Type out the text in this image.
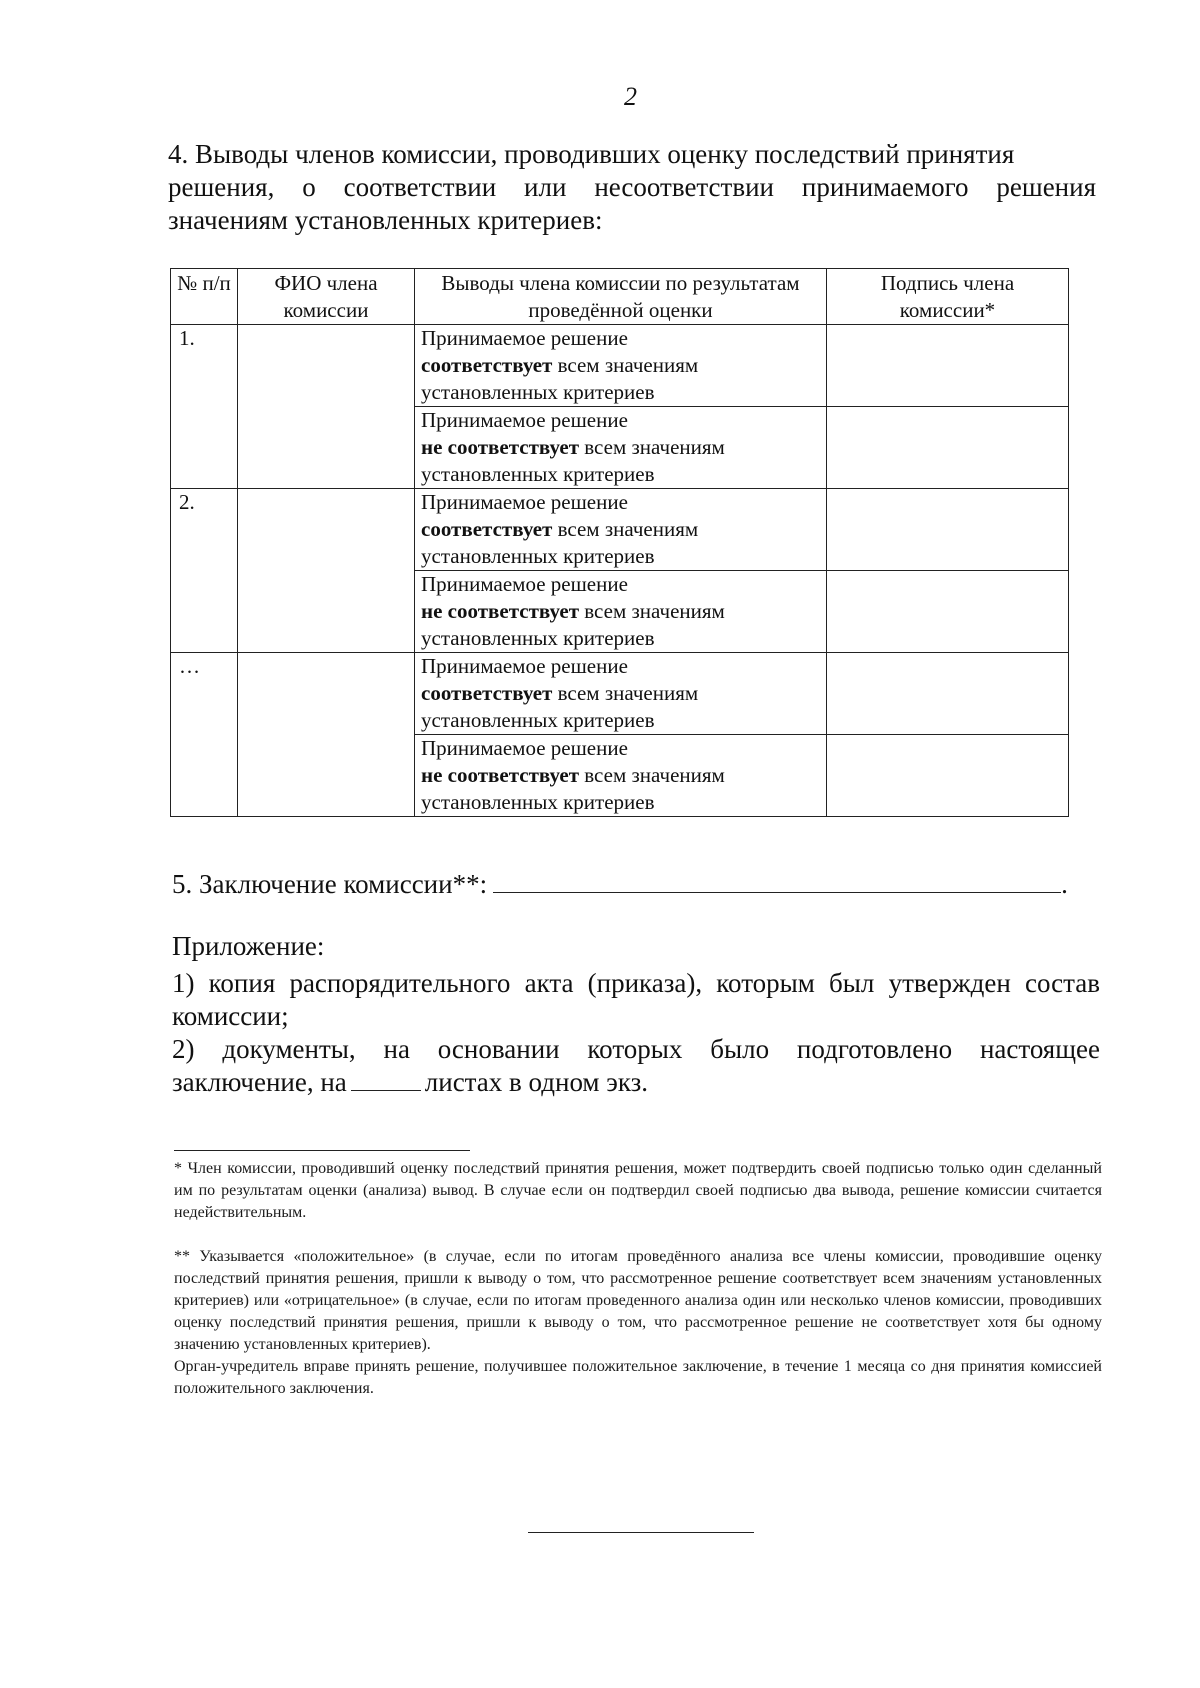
2
4. Выводы членов комиссии, проводивших оценку последствий принятия
решения, о соответствии или несоответствии принимаемого решения
значениям установленных критериев:
№ п/п	ФИО члена комиссии	Выводы члена комиссии по результатам проведённой оценки	Подпись члена комиссии*
1.		Принимаемое решение
соответствует всем значениям установленных критериев	
		Принимаемое решение
не соответствует всем значениям установленных критериев	
2.		Принимаемое решение
соответствует всем значениям установленных критериев	
		Принимаемое решение
не соответствует всем значениям установленных критериев	
…		Принимаемое решение
соответствует всем значениям установленных критериев	
		Принимаемое решение
не соответствует всем значениям установленных критериев	
5. Заключение комиссии**:	.
Приложение:
1) копия распорядительного акта (приказа), которым был утвержден состав
комиссии;
2) документы, на основании которых было подготовлено настоящее
заключение, на	листах в одном экз.

* Член комиссии, проводивший оценку последствий принятия решения, может подтвердить своей подписью только один сделанный им по результатам оценки (анализа) вывод. В случае если он подтвердил своей подписью два вывода, решение комиссии считается недействительным.

** Указывается «положительное» (в случае, если по итогам проведённого анализа все члены комиссии, проводившие оценку последствий принятия решения, пришли к выводу о том, что рассмотренное решение соответствует всем значениям установленных критериев) или «отрицательное» (в случае, если по итогам проведенного анализа один или несколько членов комиссии, проводивших оценку последствий принятия решения, пришли к выводу о том, что рассмотренное решение не соответствует хотя бы одному значению установленных критериев).

Орган-учредитель вправе принять решение, получившее положительное заключение, в течение 1 месяца со дня принятия комиссией положительного заключения.
